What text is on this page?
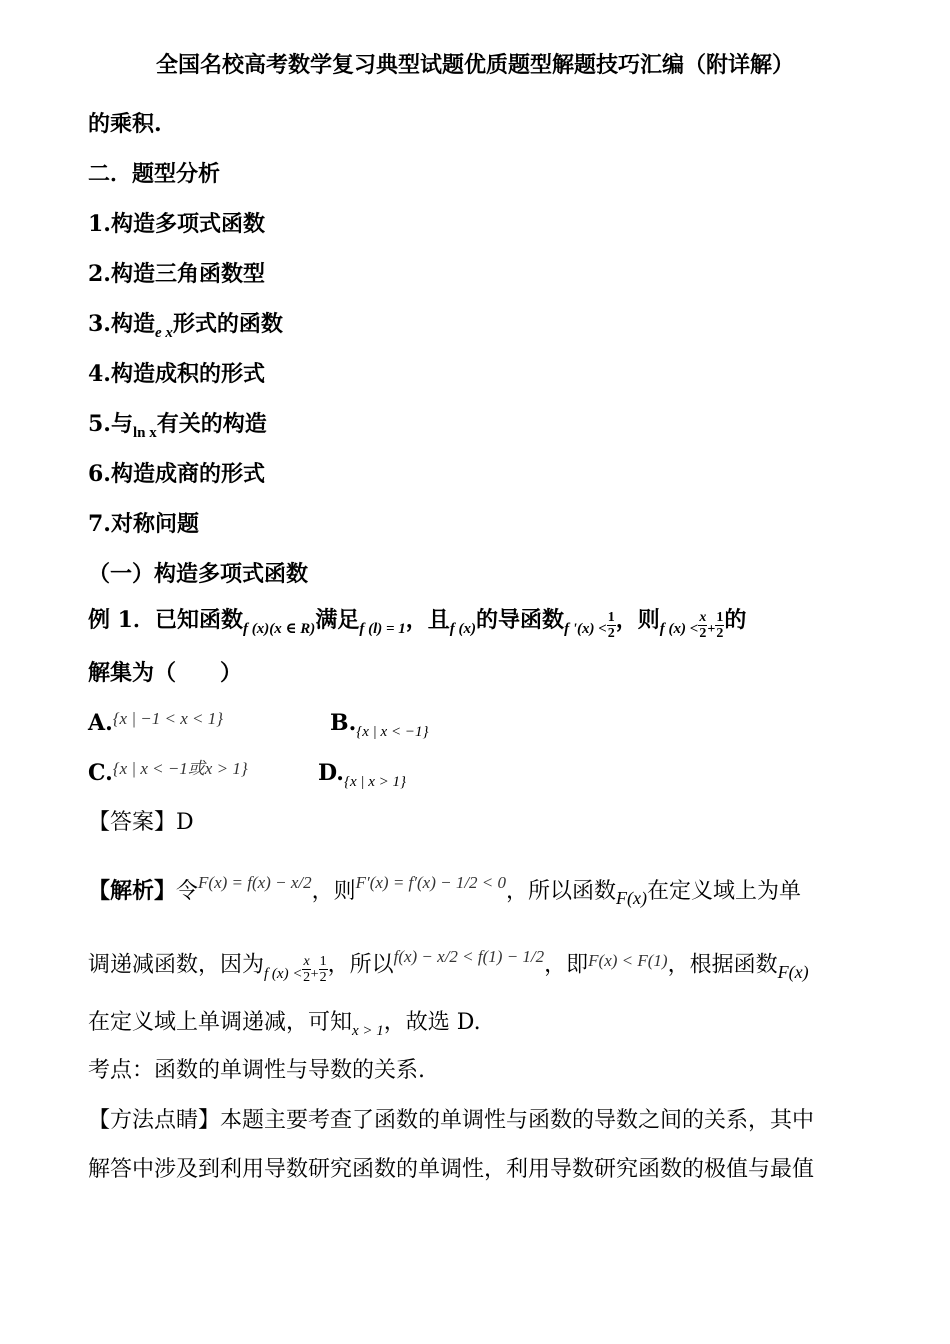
全国名校高考数学复习典型试题优质题型解题技巧汇编（附详解）
的乘积.
二．题型分析
1.构造多项式函数
2.构造三角函数型
3.构造$_{e x}$形式的函数
4.构造成积的形式
5.与$_{ln x}$有关的构造
6.构造成商的形式
7.对称问题
（一）构造多项式函数
例 1．已知函数$_{f (x)(x \in R)}$满足$_{f (l) = 1}$，且$_{f (x)}$的导函数$_{f '(x) <} \frac{1}{2}$ ，则$_{f (x) <} \frac{x}{2} _+ \frac{1}{2}$ 的
解集为（　　）
A.$^{\{x | -1 < x < 1\}}$	$B._{\{x | x < -1\}}$
C.$^{\{x | x < -1或x > 1\}}$	$D._{\{x | x > 1\}}$
【答案】D
【解析】令$^{F(x) = f(x) - x/2}$，则$^{F'(x) = f'(x) - 1/2 < 0}$，所以函数$_{F(x)}$在定义域上为单
调递减函数，因为$_{f (x) <} \frac{x}{2} _+ \frac{1}{2}$ ，所以$^{f(x) - x/2 < f(1) - 1/2}$，即$^{F(x) < F(1)}$，根据函数$_{F(x)}$
在定义域上单调递减，可知$_{x > 1}$，故选 D.
考点：函数的单调性与导数的关系.
【方法点睛】本题主要考查了函数的单调性与函数的导数之间的关系，其中
解答中涉及到利用导数研究函数的单调性，利用导数研究函数的极值与最值
